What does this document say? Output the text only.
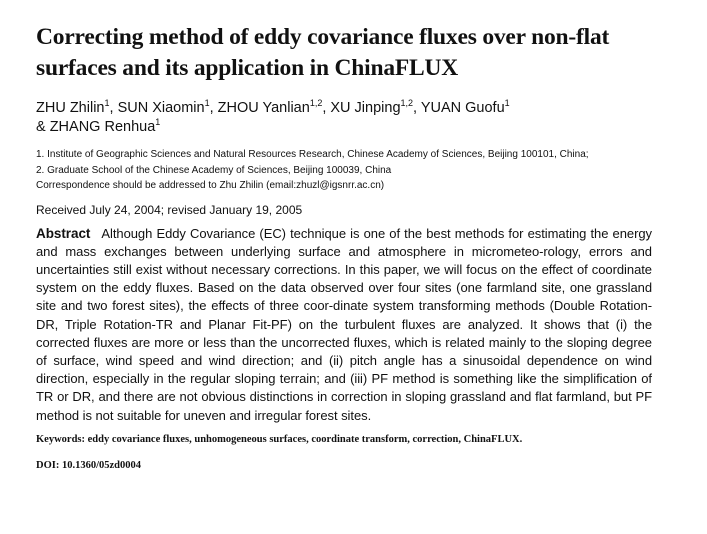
Correcting method of eddy covariance fluxes over non-flat surfaces and its application in ChinaFLUX
ZHU Zhilin$^1$, SUN Xiaomin$^1$, ZHOU Yanlian$^{1,2}$, XU Jinping$^{1,2}$, YUAN Guofu$^1$
& ZHANG Renhua$^1$
1. Institute of Geographic Sciences and Natural Resources Research, Chinese Academy of Sciences, Beijing 100101, China;
2. Graduate School of the Chinese Academy of Sciences, Beijing 100039, China
Correspondence should be addressed to Zhu Zhilin (email:zhuzl@igsnrr.ac.cn)
Received July 24, 2004; revised January 19, 2005
Abstract Although Eddy Covariance (EC) technique is one of the best methods for estimating the energy and mass exchanges between underlying surface and atmosphere in micrometeo-rology, errors and uncertainties still exist without necessary corrections. In this paper, we will focus on the effect of coordinate system on the eddy fluxes. Based on the data observed over four sites (one farmland site, one grassland site and two forest sites), the effects of three coor-dinate system transforming methods (Double Rotation-DR, Triple Rotation-TR and Planar Fit-PF) on the turbulent fluxes are analyzed. It shows that (i) the corrected fluxes are more or less than the uncorrected fluxes, which is related mainly to the sloping degree of surface, wind speed and wind direction; and (ii) pitch angle has a sinusoidal dependence on wind direction, especially in the regular sloping terrain; and (iii) PF method is something like the simplification of TR or DR, and there are not obvious distinctions in correction in sloping grassland and flat farmland, but PF method is not suitable for uneven and irregular forest sites.
Keywords: eddy covariance fluxes, unhomogeneous surfaces, coordinate transform, correction, ChinaFLUX.
DOI: 10.1360/05zd0004
